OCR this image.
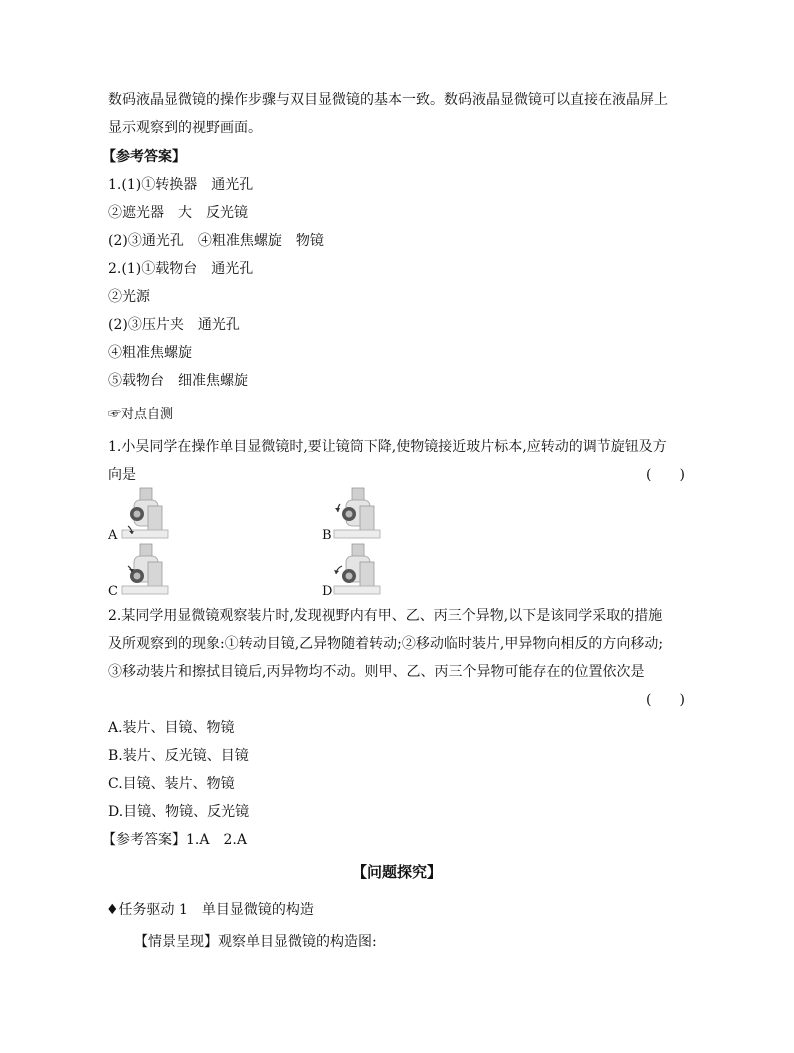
数码液晶显微镜的操作步骤与双目显微镜的基本一致。数码液晶显微镜可以直接在液晶屏上
显示观察到的视野画面。
【参考答案】
1.(1)①转换器　通光孔
②遮光器　大　反光镜
(2)③通光孔　④粗准焦螺旋　物镜
2.(1)①载物台　通光孔
②光源
(2)③压片夹　通光孔
④粗准焦螺旋
⑤载物台　细准焦螺旋
☞对点自测
1.小吴同学在操作单目显微镜时,要让镜筒下降,使物镜接近玻片标本,应转动的调节旋钮及方
向是	(　　)
A	B
C	D
2.某同学用显微镜观察装片时,发现视野内有甲、乙、丙三个异物,以下是该同学采取的措施
及所观察到的现象:①转动目镜,乙异物随着转动;②移动临时装片,甲异物向相反的方向移动;
③移动装片和擦拭目镜后,丙异物均不动。则甲、乙、丙三个异物可能存在的位置依次是
(　　)
A.装片、目镜、物镜
B.装片、反光镜、目镜
C.目镜、装片、物镜
D.目镜、物镜、反光镜
【参考答案】1.A　2.A
【问题探究】
♦任务驱动 1　单目显微镜的构造
【情景呈现】观察单目显微镜的构造图:
